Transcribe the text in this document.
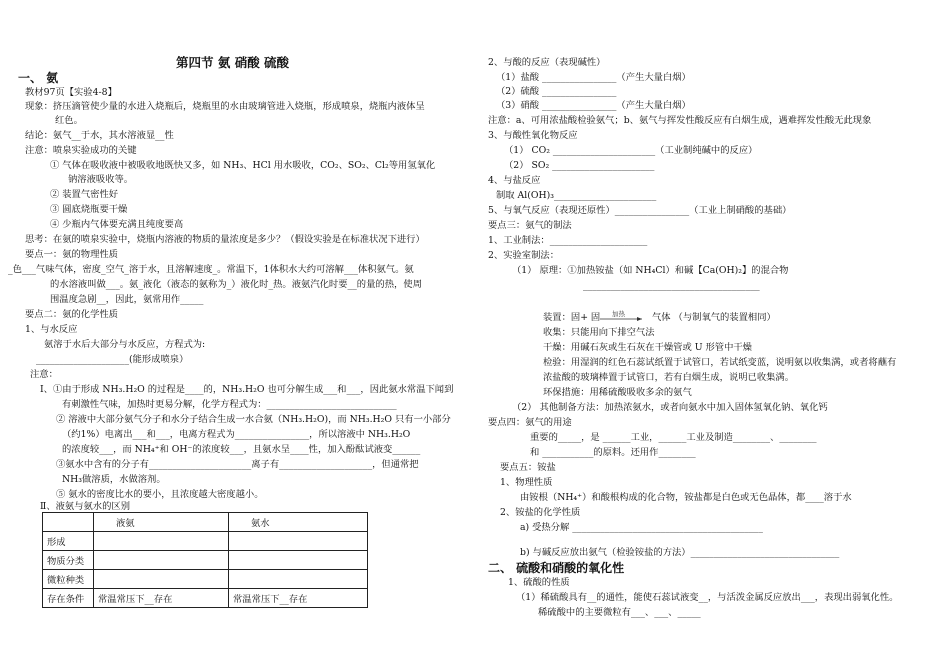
第四节 氨 硝酸 硫酸
一、 氨
教材97页【实验4-8】
现象：挤压滴管使少量的水进入烧瓶后，烧瓶里的水由玻璃管进入烧瓶，形成喷泉，烧瓶内液体呈
红色。
结论：氨气__于水，其水溶液显__性
注意：喷泉实验成功的关键
① 气体在吸收液中被吸收地既快又多，如 NH₃、HCl 用水吸收，CO₂、SO₂、Cl₂等用氢氧化
钠溶液吸收等。
② 装置气密性好
③ 圆底烧瓶要干燥
④ 少瓶内气体要充满且纯度要高
思考：在氨的喷泉实验中，烧瓶内溶液的物质的量浓度是多少？（假设实验是在标准状况下进行）
要点一：氨的物理性质
_色___气味气体，密度_空气_溶于水，且溶解速度_。常温下，1体积水大约可溶解___体积氨气。氨
的水溶液叫做___。氨_液化（液态的氨称为_）液化时_热。液氨汽化时要__的量的热，使周
围温度急剧__，因此，氨常用作_____
要点二：氨的化学性质
1、与水反应
氨溶于水后大部分与水反应，方程式为:
____________________(能形成喷泉）
注意：
Ⅰ、①由于形成 NH₃.H₂O 的过程是____的，NH₃.H₂O 也可分解生成___和___，因此氨水常温下闻到
有刺激性气味，加热时更易分解，化学方程式为：____________________________
② 溶液中大部分氨气分子和水分子结合生成一水合氨（NH₃.H₂O)，而 NH₃.H₂O 只有一小部分
（约1%）电离出___和___，电离方程式为________________，所以溶液中 NH₃.H₂O
的浓度较___，而 NH₄⁺和 OH⁻的浓度较___，且氨水呈____性，加入酚酞试液变______
③氨水中含有的分子有______________________离子有____________________，但通常把
NH₃做溶质，水做溶剂。
⑤ 氨水的密度比水的要小，且浓度越大密度越小。
Ⅱ、液氨与氨水的区别
	液氨	氨水
形成		
物质分类		
微粒种类		
存在条件	常温常压下__存在	常温常压下__存在
2、与酸的反应（表现碱性）
（1）盐酸 ________________（产生大量白烟）
（2）硫酸 ________________
（3）硝酸 ________________（产生大量白烟）
注意：a、可用浓盐酸检验氨气；b、氨气与挥发性酸反应有白烟生成，遇难挥发性酸无此现象
3、与酸性氧化物反应
（1） CO₂ ______________________（工业制纯碱中的反应）
（2） SO₂ ______________________
4、与盐反应
制取 Al(OH)₃______________________
5、与氧气反应（表现还原性）________________（工业上制硝酸的基础）
要点三：氨气的制法
1、工业制法：_____________________
2、实验室制法：
（1） 原理：①加热铵盐（如 NH₄Cl）和碱【Ca(OH)₂】的混合物
______________________________________
装置：固+ 固 加热	气体 （与制氧气的装置相同）
收集：只能用向下排空气法
干燥：用碱石灰或生石灰在干燥管或 U 形管中干燥
检验：用湿润的红色石蕊试纸置于试管口，若试纸变蓝，说明氨以收集满，或者将蘸有
浓盐酸的玻璃棒置于试管口，若有白烟生成，说明已收集满。
环保措施：用稀硫酸吸收多余的氨气
（2） 其他制备方法：加热浓氨水，或者向氨水中加入固体氢氧化钠、氧化钙
要点四：氨气的用途
重要的_____，是 ______工业，______工业及制造________、________
和 ___________的原料。还用作________
要点五：铵盐
1、物理性质
由铵根（NH₄⁺）和酸根构成的化合物，铵盐都是白色或无色晶体，都____溶于水
2、铵盐的化学性质
a) 受热分解 _________________________________________
b) 与碱反应放出氨气（检验铵盐的方法）________________________________
二、 硫酸和硝酸的氧化性
1、硫酸的性质
（1）稀硫酸具有__的通性，能使石蕊试液变__，与活泼金属反应放出___，表现出弱氧化性。
稀硫酸中的主要微粒有___、___、_____
